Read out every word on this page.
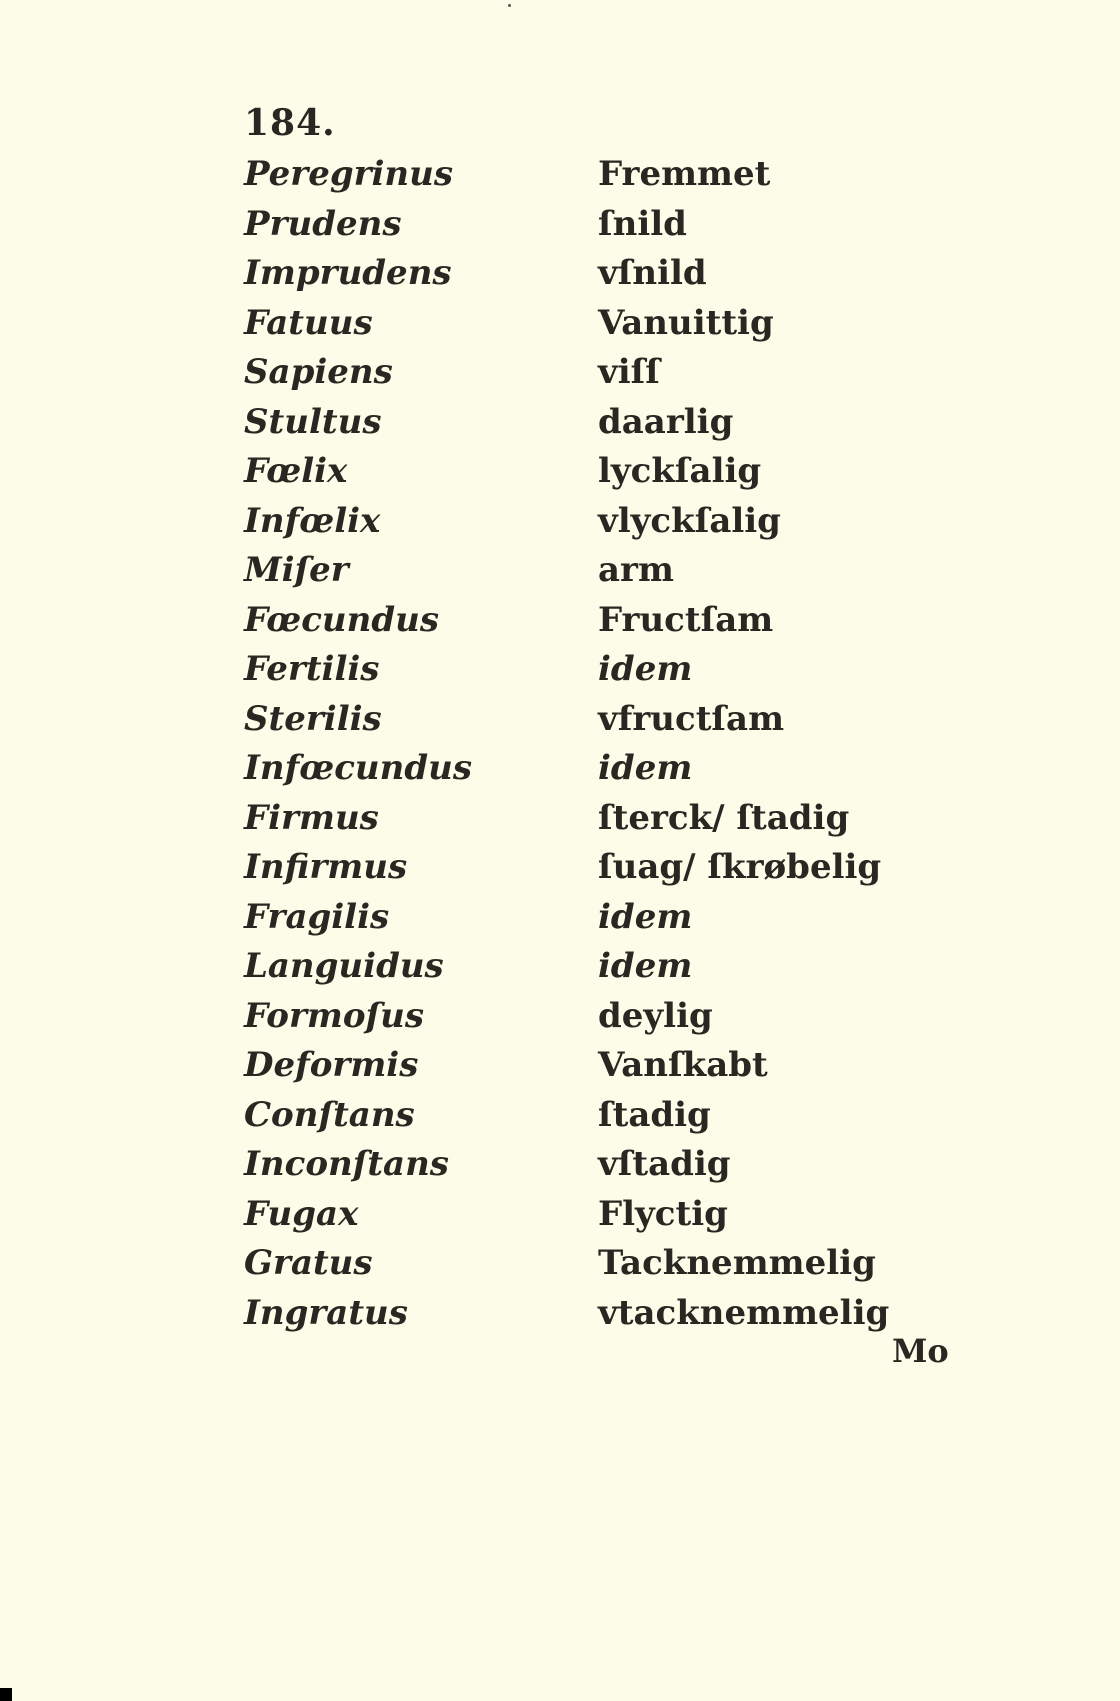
184.
Peregrinus	Fremmet
Prudens	ſnild
Imprudens	vſnild
Fatuus	Vanuittig
Sapiens	viſſ
Stultus	daarlig
Fœlix	lyckſalig
Infœlix	vlyckſalig
Miſer	arm
Fœcundus	Fructſam
Fertilis	idem
Sterilis	vfructſam
Infœcundus	idem
Firmus	ſterck/ ſtadig
Infirmus	ſuag/ ſkrøbelig
Fragilis	idem
Languidus	idem
Formoſus	deylig
Deformis	Vanſkabt
Conſtans	ſtadig
Inconſtans	vſtadig
Fugax	Flyctig
Gratus	Tacknemmelig
Ingratus	vtacknemmelig
Mo
